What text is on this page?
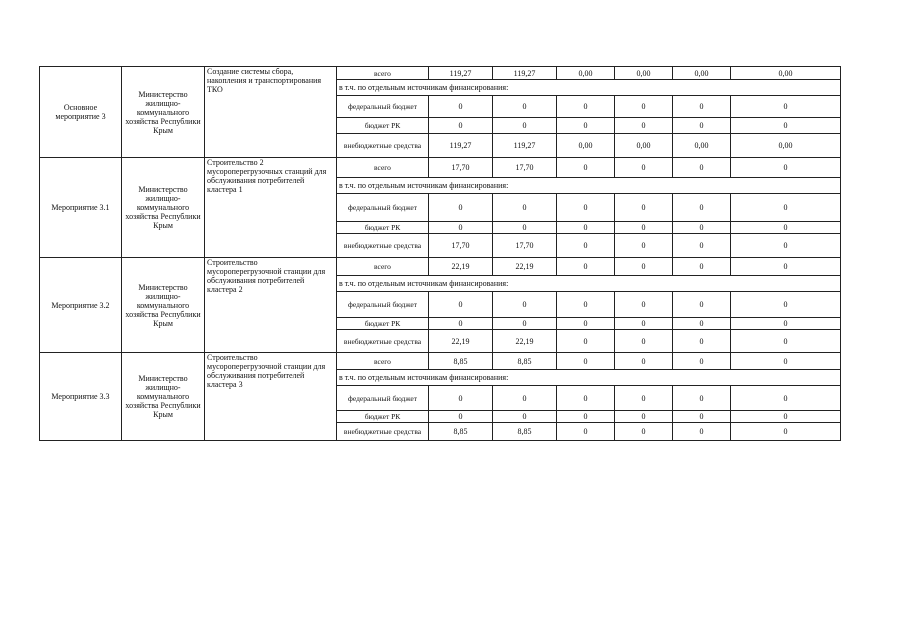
Основное мероприятие 3	Министерство жилищно-коммунального хозяйства Республики Крым	Создание системы сбора, накопления и транспортирования ТКО	всего	119,27	119,27	0,00	0,00	0,00	0,00
			в т.ч. по отдельным источникам финансирования:						
			федеральный бюджет	0	0	0	0	0	0
			бюджет РК	0	0	0	0	0	0
			внебюджетные средства	119,27	119,27	0,00	0,00	0,00	0,00
Мероприятие 3.1	Министерство жилищно-коммунального хозяйства Республики Крым	Строительство 2 мусороперегрузочных станций для обслуживания потребителей кластера 1	всего	17,70	17,70	0	0	0	0
			в т.ч. по отдельным источникам финансирования:						
			федеральный бюджет	0	0	0	0	0	0
			бюджет РК	0	0	0	0	0	0
			внебюджетные средства	17,70	17,70	0	0	0	0
Мероприятие 3.2	Министерство жилищно-коммунального хозяйства Республики Крым	Строительство мусороперегрузочной станции для обслуживания потребителей кластера 2	всего	22,19	22,19	0	0	0	0
			в т.ч. по отдельным источникам финансирования:						
			федеральный бюджет	0	0	0	0	0	0
			бюджет РК	0	0	0	0	0	0
			внебюджетные средства	22,19	22,19	0	0	0	0
Мероприятие 3.3	Министерство жилищно-коммунального хозяйства Республики Крым	Строительство мусороперегрузочной станции для обслуживания потребителей кластера 3	всего	8,85	8,85	0	0	0	0
			в т.ч. по отдельным источникам финансирования:						
			федеральный бюджет	0	0	0	0	0	0
			бюджет РК	0	0	0	0	0	0
			внебюджетные средства	8,85	8,85	0	0	0	0
